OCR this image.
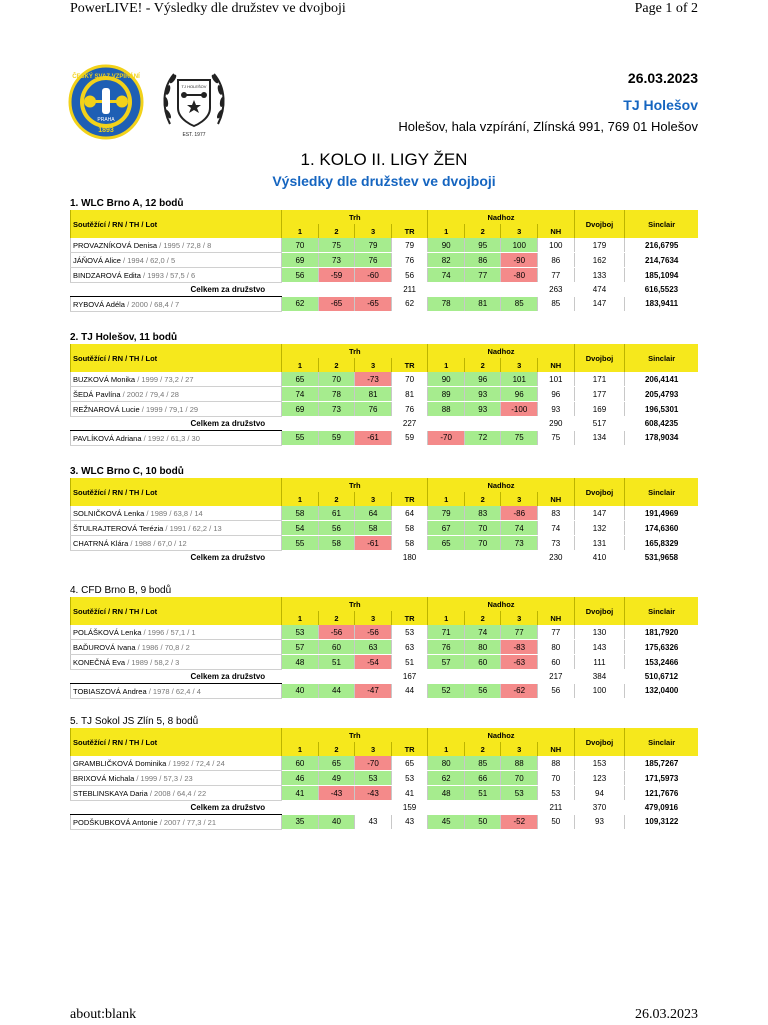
PowerLIVE! - Výsledky dle družstev ve dvojboji	Page 1 of 2
ČESKÝ SVAZ VZPÍRÁNÍ
1893
PRAHA
TJ HOLEŠOV
EST. 1977
26.03.2023
TJ Holešov
Holešov, hala vzpírání, Zlínská 991, 769 01 Holešov
1. KOLO II. LIGY ŽEN
Výsledky dle družstev ve dvojboji
1. WLC Brno A, 12 bodů
Soutěžící / RN / TH / Lot	Trh				Nadhoz				Dvojboj	Sinclair
	1	2	3	TR	1	2	3	NH		
PROVAZNÍKOVÁ Denisa / 1995 / 72,8 / 8	70	75	79	79	90	95	100	100	179	216,6795
JÁŇOVÁ Alice / 1994 / 62,0 / 5	69	73	76	76	82	86	-90	86	162	214,7634
BINDZAROVÁ Edita / 1993 / 57,5 / 6	56	-59	-60	56	74	77	-80	77	133	185,1094
Celkem za družstvo				211				263	474	616,5523
RYBOVÁ Adéla / 2000 / 68,4 / 7	62	-65	-65	62	78	81	85	85	147	183,9411
2. TJ Holešov, 11 bodů
Soutěžící / RN / TH / Lot	Trh				Nadhoz				Dvojboj	Sinclair
	1	2	3	TR	1	2	3	NH		
BUZKOVÁ Monika / 1999 / 73,2 / 27	65	70	-73	70	90	96	101	101	171	206,4141
ŠEDÁ Pavlína / 2002 / 79,4 / 28	74	78	81	81	89	93	96	96	177	205,4793
REŽNAROVÁ Lucie / 1999 / 79,1 / 29	69	73	76	76	88	93	-100	93	169	196,5301
Celkem za družstvo				227				290	517	608,4235
PAVLÍKOVÁ Adriana / 1992 / 61,3 / 30	55	59	-61	59	-70	72	75	75	134	178,9034
3. WLC Brno C, 10 bodů
Soutěžící / RN / TH / Lot	Trh				Nadhoz				Dvojboj	Sinclair
	1	2	3	TR	1	2	3	NH		
SOLNIČKOVÁ Lenka / 1989 / 63,8 / 14	58	61	64	64	79	83	-86	83	147	191,4969
ŠTULRAJTEROVÁ Terézia / 1991 / 62,2 / 13	54	56	58	58	67	70	74	74	132	174,6360
CHATRNÁ Klára / 1988 / 67,0 / 12	55	58	-61	58	65	70	73	73	131	165,8329
Celkem za družstvo				180				230	410	531,9658
4. CFD Brno B, 9 bodů
Soutěžící / RN / TH / Lot	Trh				Nadhoz				Dvojboj	Sinclair
	1	2	3	TR	1	2	3	NH		
POLÁŠKOVÁ Lenka / 1996 / 57,1 / 1	53	-56	-56	53	71	74	77	77	130	181,7920
BAĎUROVÁ Ivana / 1986 / 70,8 / 2	57	60	63	63	76	80	-83	80	143	175,6326
KONEČNÁ Eva / 1989 / 58,2 / 3	48	51	-54	51	57	60	-63	60	111	153,2466
Celkem za družstvo				167				217	384	510,6712
TOBIASZOVÁ Andrea / 1978 / 62,4 / 4	40	44	-47	44	52	56	-62	56	100	132,0400
5. TJ Sokol JS Zlín 5, 8 bodů
Soutěžící / RN / TH / Lot	Trh				Nadhoz				Dvojboj	Sinclair
	1	2	3	TR	1	2	3	NH		
GRAMBLIČKOVÁ Dominika / 1992 / 72,4 / 24	60	65	-70	65	80	85	88	88	153	185,7267
BRIXOVÁ Michala / 1999 / 57,3 / 23	46	49	53	53	62	66	70	70	123	171,5973
STEBLINSKAYA Daria / 2008 / 64,4 / 22	41	-43	-43	41	48	51	53	53	94	121,7676
Celkem za družstvo				159				211	370	479,0916
PODŠKUBKOVÁ Antonie / 2007 / 77,3 / 21	35	40	43	43	45	50	-52	50	93	109,3122
about:blank	26.03.2023
